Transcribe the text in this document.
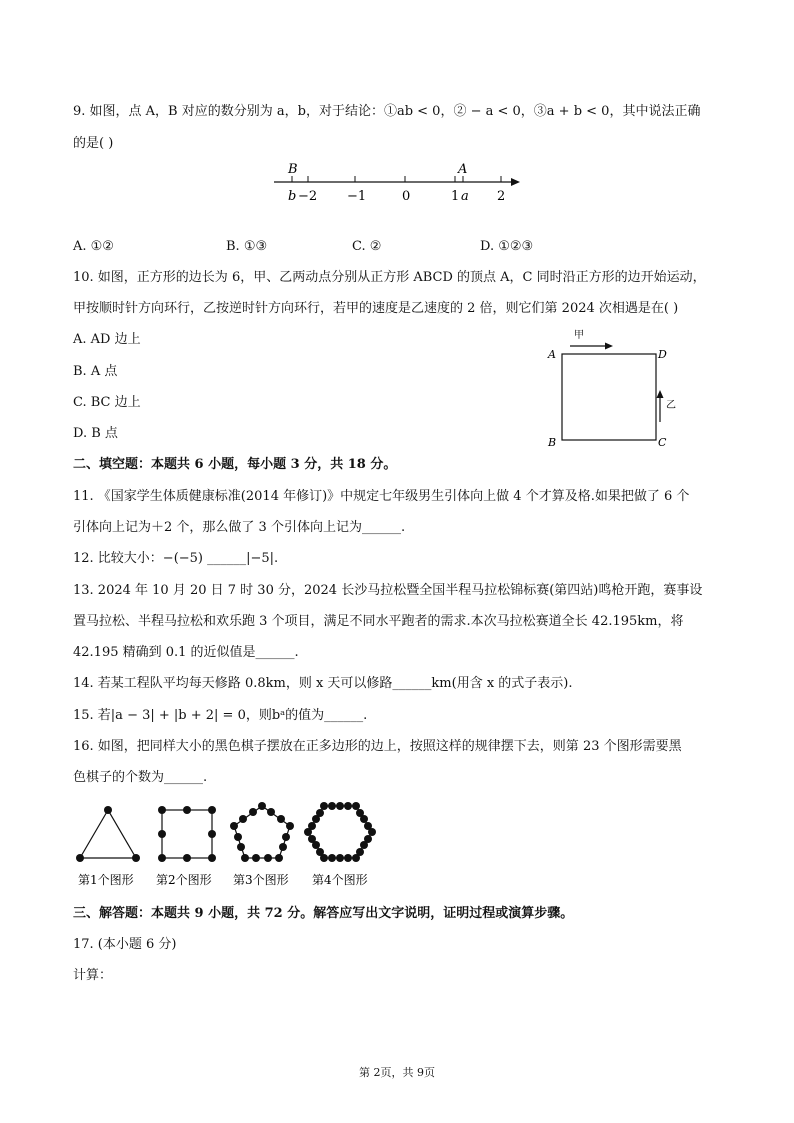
9. 如图，点 A，B 对应的数分别为 a，b，对于结论：①ab < 0，② − a < 0，③a + b < 0，其中说法正确
的是( )
B	A
b −2 −1	0	1 a 2
A. ①②	B. ①③	C. ②	D. ①②③
10. 如图，正方形的边长为 6，甲、乙两动点分别从正方形 ABCD 的顶点 A，C 同时沿正方形的边开始运动，
甲按顺时针方向环行，乙按逆时针方向环行，若甲的速度是乙速度的 2 倍，则它们第 2024 次相遇是在( )
A. AD 边上
B. A 点
C. BC 边上
D. B 点
A	D
B	C
甲
乙
二、填空题：本题共 6 小题，每小题 3 分，共 18 分。
11. 《国家学生体质健康标准(2014 年修订)》中规定七年级男生引体向上做 4 个才算及格.如果把做了 6 个
引体向上记为＋2 个，那么做了 3 个引体向上记为______.
12. 比较大小：−(−5) ______|−5|.
13. 2024 年 10 月 20 日 7 时 30 分，2024 长沙马拉松暨全国半程马拉松锦标赛(第四站)鸣枪开跑，赛事设
置马拉松、半程马拉松和欢乐跑 3 个项目，满足不同水平跑者的需求.本次马拉松赛道全长 42.195km，将
42.195 精确到 0.1 的近似值是______.
14. 若某工程队平均每天修路 0.8km，则 x 天可以修路______km(用含 x 的式子表示).
15. 若|a − 3| + |b + 2| = 0，则bᵃ的值为______.
16. 如图，把同样大小的黑色棋子摆放在正多边形的边上，按照这样的规律摆下去，则第 23 个图形需要黑
色棋子的个数为______.
第1个图形 第2个图形 第3个图形 第4个图形
三、解答题：本题共 9 小题，共 72 分。解答应写出文字说明，证明过程或演算步骤。
17. (本小题 6 分)
计算：
第 2页，共 9页
